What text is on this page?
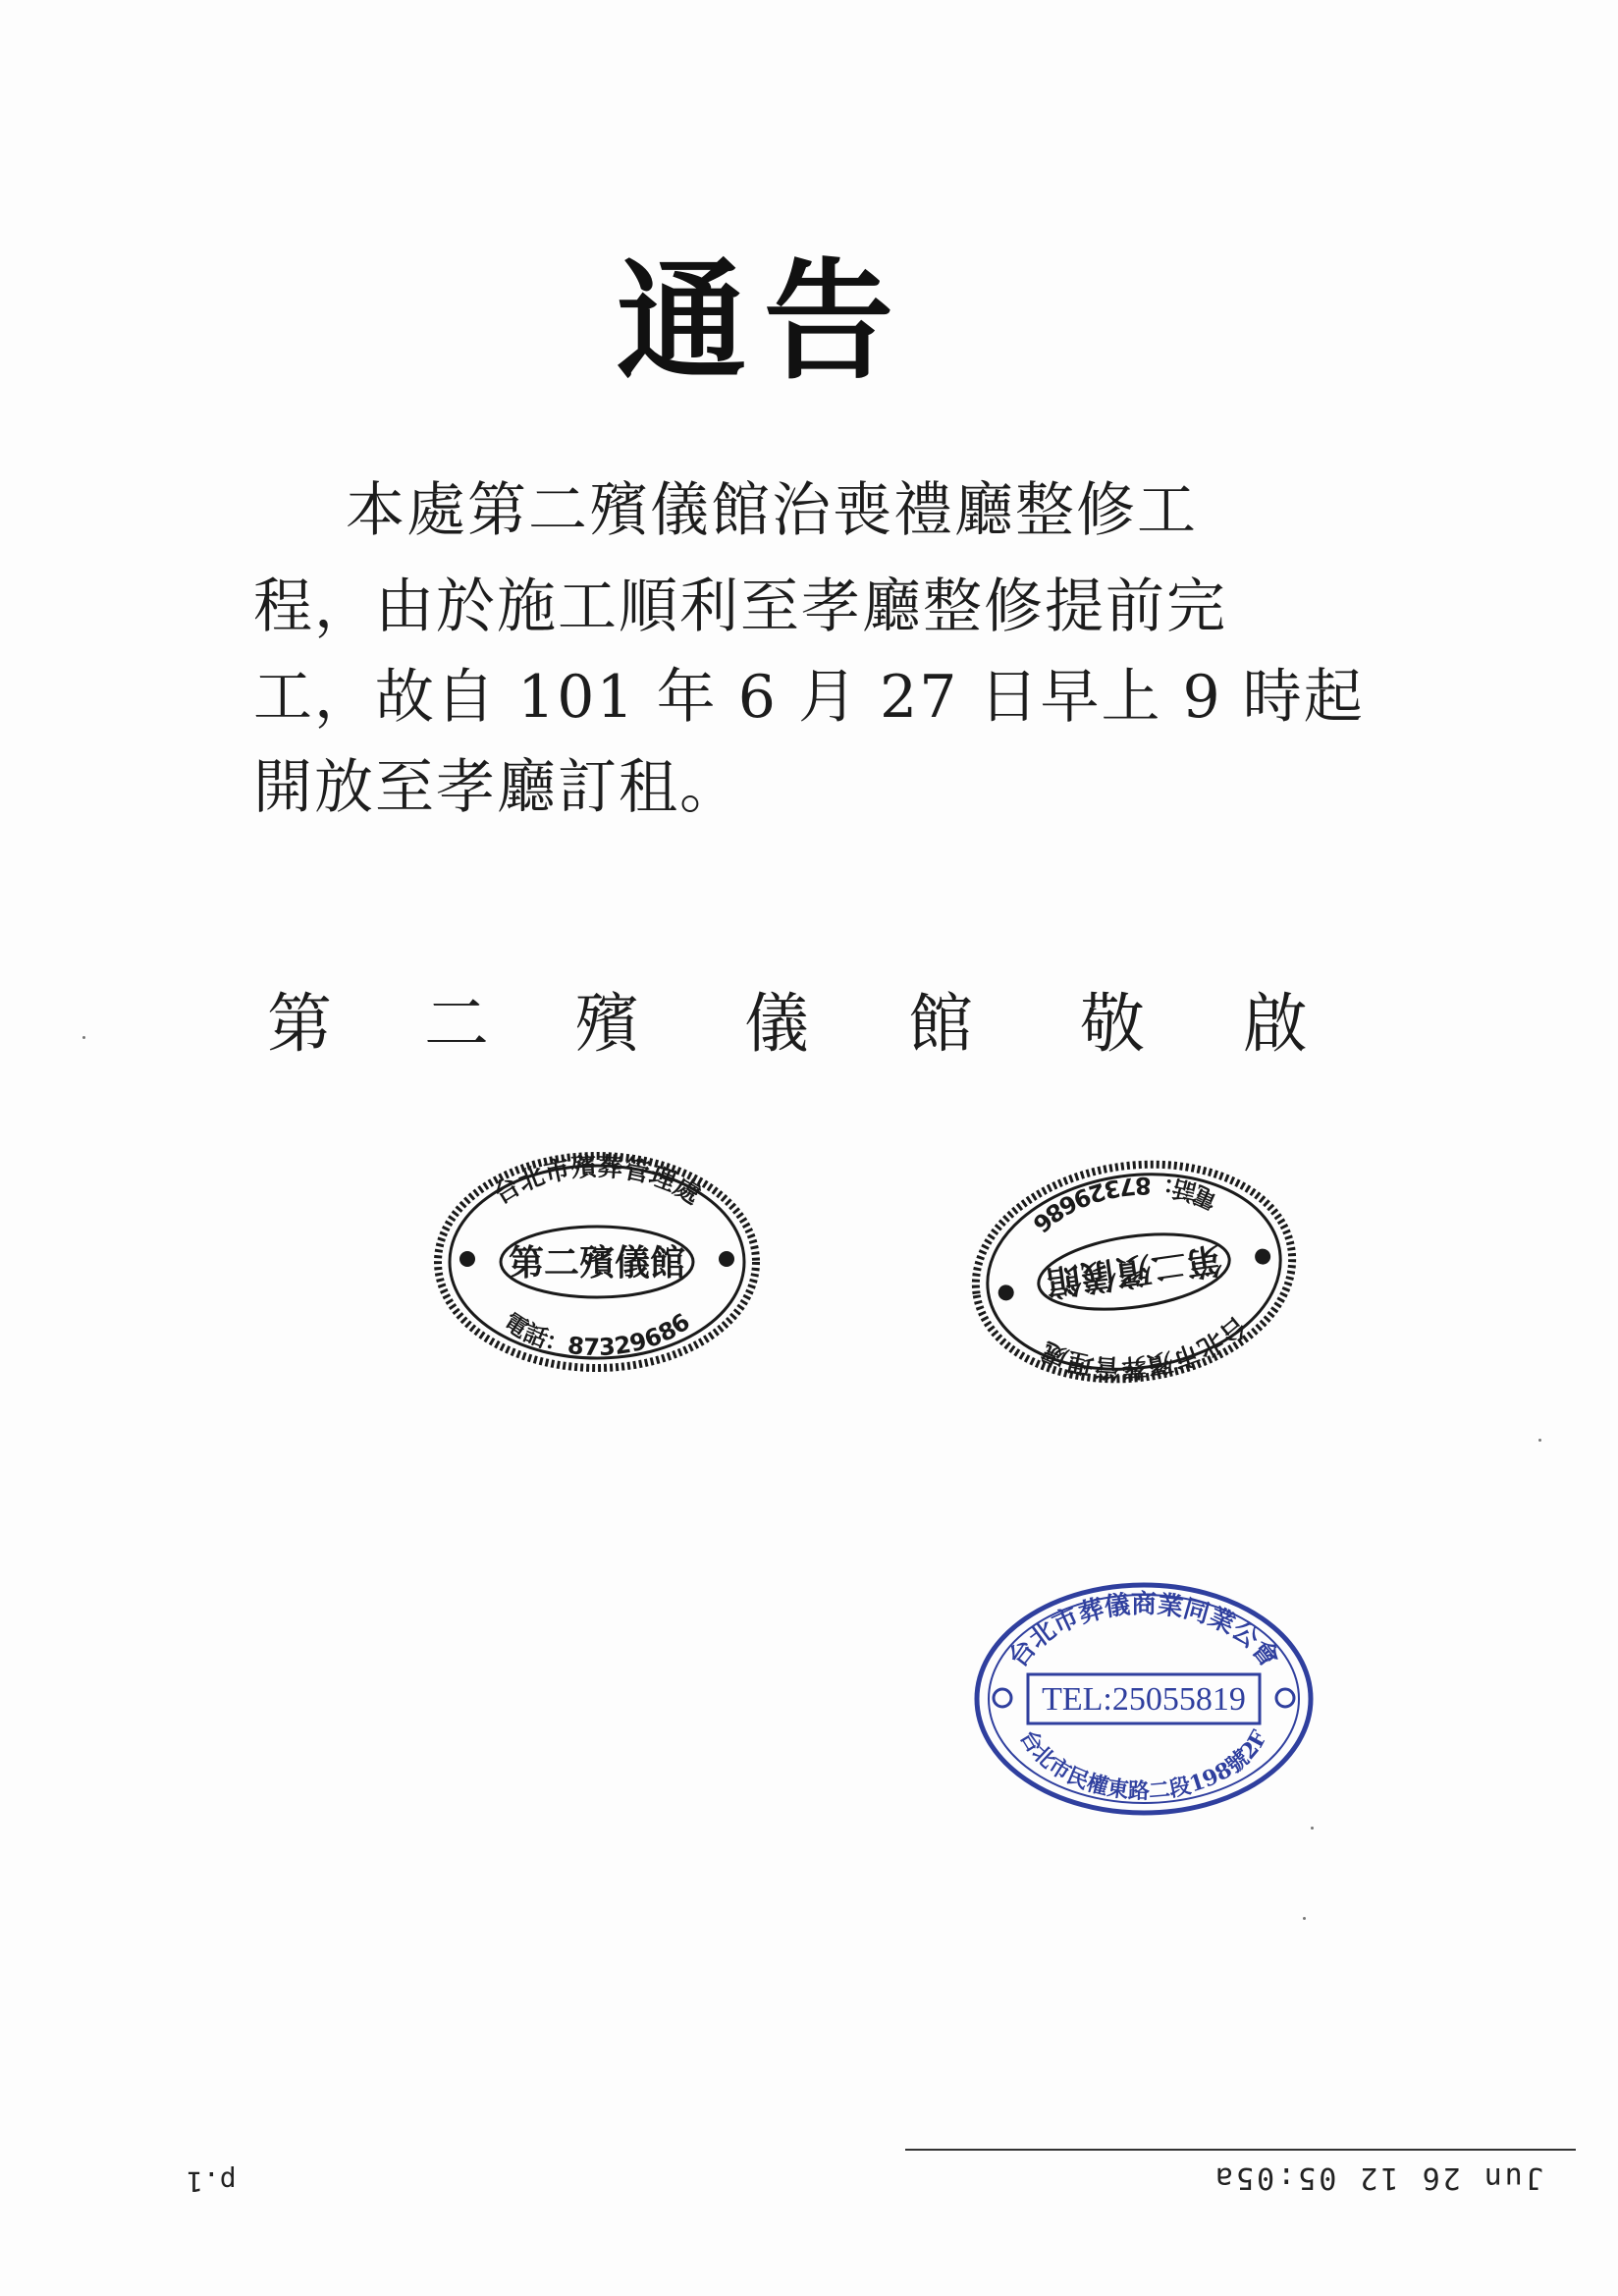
通告
本處第二殯儀館治喪禮廳整修工
程，由於施工順利至孝廳整修提前完
工，故自 101 年 6 月 27 日早上 9 時起
開放至孝廳訂租。
第 二 殯 儀 館 敬 啟
台北市殯葬管理處
第二殯儀館
電話：87329686	台北市殯葬管理處
第二殯儀館
電話：87329686
台北市葬儀商業同業公會
TEL:25055819
台北市民權東路二段198號2F
Jun 26 12 05:05a
p.1
